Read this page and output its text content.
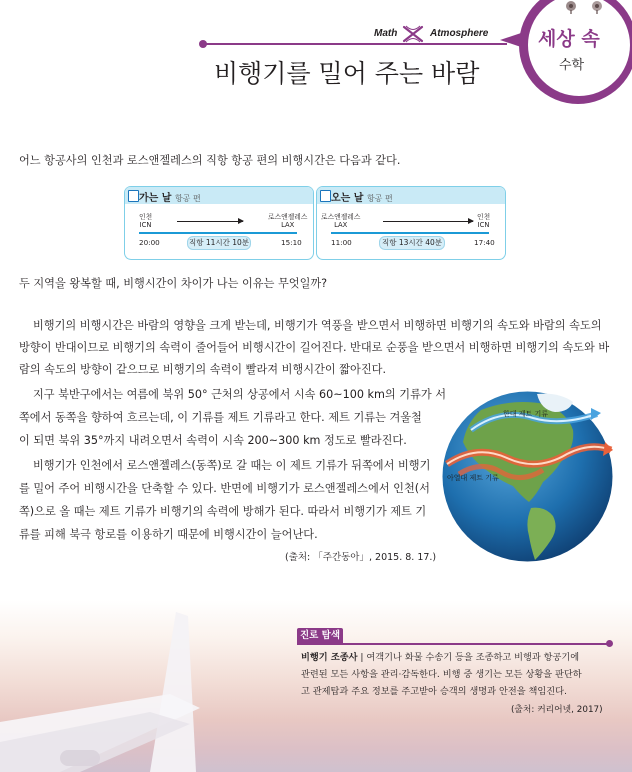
Math	Atmosphere
비행기를 밀어 주는 바람
세상 속
수학
어느 항공사의 인천과 로스앤젤레스의 직항 항공 편의 비행시간은 다음과 같다.
가는 날 항공 편
인천
ICN
로스앤젤레스
LAX
20:00	직항 11시간 10분	15:10
오는 날 항공 편
로스앤젤레스
LAX
인천
ICN
11:00	직항 13시간 40분	17:40
두 지역을 왕복할 때, 비행시간이 차이가 나는 이유는 무엇일까?
비행기의 비행시간은 바람의 영향을 크게 받는데, 비행기가 역풍을 받으면서 비행하면 비행기의 속도와 바람의 속도의
방향이 반대이므로 비행기의 속력이 줄어들어 비행시간이 길어진다. 반대로 순풍을 받으면서 비행하면 비행기의 속도와 바
람의 속도의 방향이 같으므로 비행기의 속력이 빨라져 비행시간이 짧아진다.
지구 북반구에서는 여름에 북위 50° 근처의 상공에서 시속 60~100 km의 기류가 서
쪽에서 동쪽을 향하여 흐르는데, 이 기류를 제트 기류라고 한다. 제트 기류는 겨울철
이 되면 북위 35°까지 내려오면서 속력이 시속 200~300 km 정도로 빨라진다.
비행기가 인천에서 로스앤젤레스(동쪽)로 갈 때는 이 제트 기류가 뒤쪽에서 비행기
를 밀어 주어 비행시간을 단축할 수 있다. 반면에 비행기가 로스앤젤레스에서 인천(서
쪽)으로 올 때는 제트 기류가 비행기의 속력에 방해가 된다. 따라서 비행기가 제트 기
류를 피해 북극 항로를 이용하기 때문에 비행시간이 늘어난다.
(출처: 「주간동아」, 2015. 8. 17.)
한대 제트 기류
아열대 제트 기류
진로 탐색
비행기 조종사 | 여객기나 화물 수송기 등을 조종하고 비행과 항공기에
관련된 모든 사항을 관리·감독한다. 비행 중 생기는 모든 상황을 판단하
고 관제탑과 주요 정보를 주고받아 승객의 생명과 안전을 책임진다.
(출처: 커리어넷, 2017)
